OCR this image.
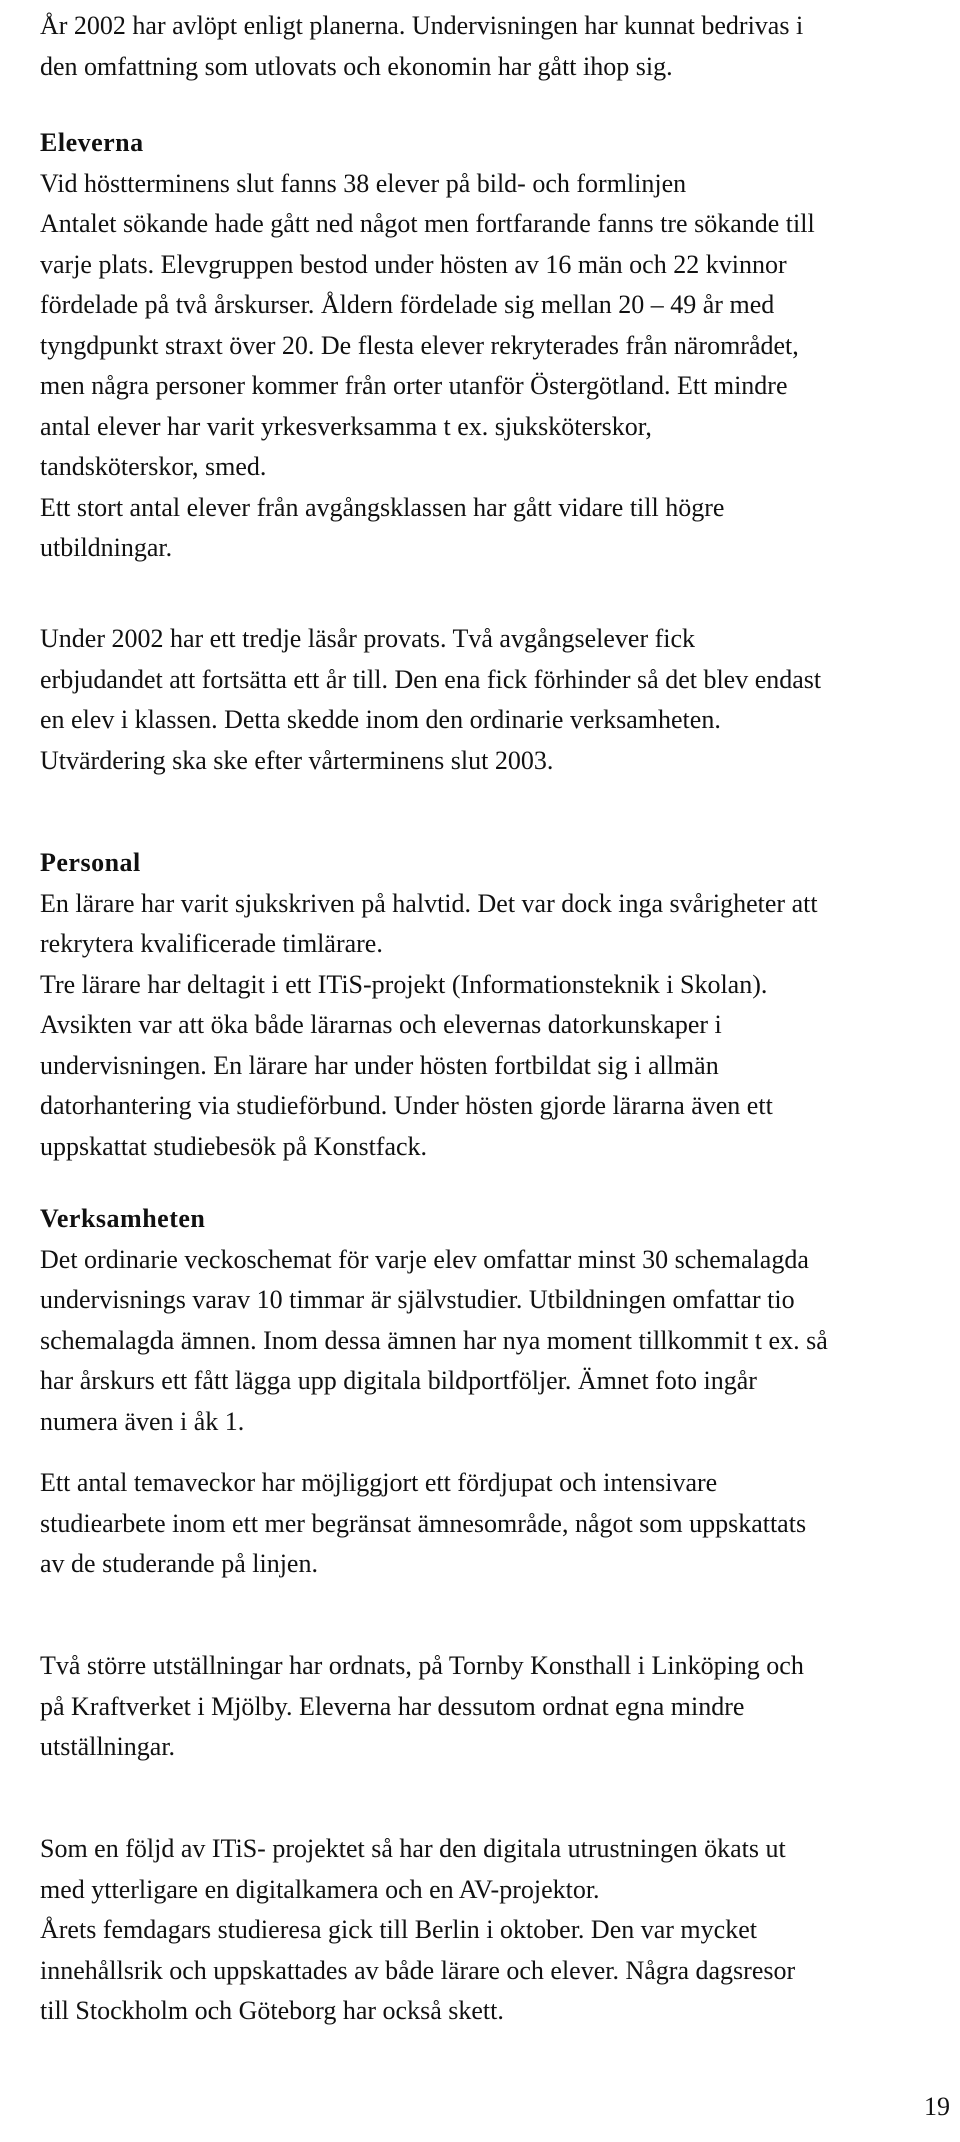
År 2002 har avlöpt enligt planerna. Undervisningen har kunnat bedrivas i
den omfattning som utlovats och ekonomin har gått ihop sig.
Eleverna
Vid höstterminens slut fanns 38 elever på bild- och formlinjen
Antalet sökande hade gått ned något men fortfarande fanns tre sökande till
varje plats. Elevgruppen bestod under hösten av 16 män och 22 kvinnor
fördelade på två årskurser. Åldern fördelade sig mellan 20 – 49 år med
tyngdpunkt straxt över 20. De flesta elever rekryterades från närområdet,
men några personer kommer från orter utanför Östergötland. Ett mindre
antal elever har varit yrkesverksamma t ex. sjuksköterskor,
tandsköterskor, smed.
Ett stort antal elever från avgångsklassen har gått vidare till högre
utbildningar.
Under 2002 har ett tredje läsår provats. Två avgångselever fick
erbjudandet att fortsätta ett år till. Den ena fick förhinder så det blev endast
en elev i klassen. Detta skedde inom den ordinarie verksamheten.
Utvärdering ska ske efter vårterminens slut 2003.
Personal
En lärare har varit sjukskriven på halvtid. Det var dock inga svårigheter att
rekrytera kvalificerade timlärare.
Tre lärare har deltagit i ett ITiS-projekt (Informationsteknik i Skolan).
Avsikten var att öka både lärarnas och elevernas datorkunskaper i
undervisningen. En lärare har under hösten fortbildat sig i allmän
datorhantering via studieförbund. Under hösten gjorde lärarna även ett
uppskattat studiebesök på Konstfack.
Verksamheten
Det ordinarie veckoschemat för varje elev omfattar minst 30 schemalagda
undervisnings varav 10 timmar är självstudier. Utbildningen omfattar tio
schemalagda ämnen. Inom dessa ämnen har nya moment tillkommit t ex. så
har årskurs ett fått lägga upp digitala bildportföljer. Ämnet foto ingår
numera även i åk 1.
Ett antal temaveckor har möjliggjort ett fördjupat och intensivare
studiearbete inom ett mer begränsat ämnesområde, något som uppskattats
av de studerande på linjen.
Två större utställningar har ordnats, på Tornby Konsthall i Linköping och
på Kraftverket i Mjölby. Eleverna har dessutom ordnat egna mindre
utställningar.
Som en följd av ITiS- projektet så har den digitala utrustningen ökats ut
med ytterligare en digitalkamera och en AV-projektor.
Årets femdagars studieresa gick till Berlin i oktober. Den var mycket
innehållsrik och uppskattades av både lärare och elever. Några dagsresor
till Stockholm och Göteborg har också skett.
19
